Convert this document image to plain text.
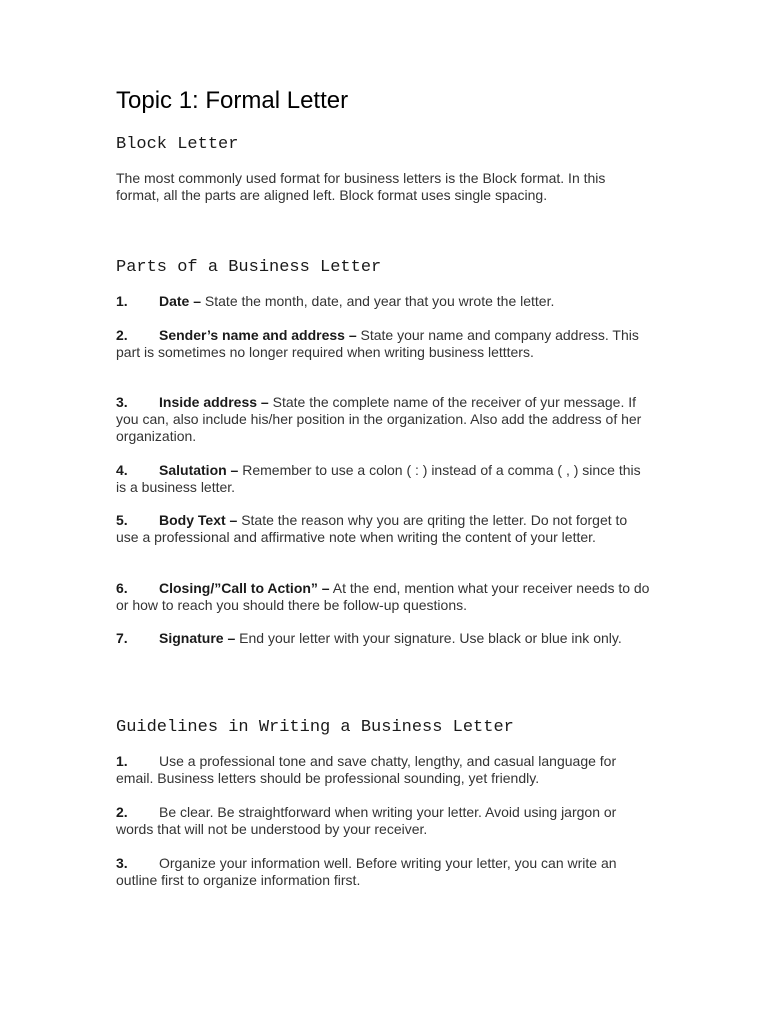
Topic 1: Formal Letter
Block Letter

The most commonly used format for business letters is the Block format. In this format, all the parts are aligned left. Block format uses single spacing.

Parts of a Business Letter

1. Date – State the month, date, and year that you wrote the letter.

2. Sender’s name and address – State your name and company address. This part is sometimes no longer required when writing business lettters.

3. Inside address – State the complete name of the receiver of yur message. If you can, also include his/her position in the organization. Also add the address of her organization.

4. Salutation – Remember to use a colon ( : ) instead of a comma ( , ) since this is a business letter.

5. Body Text – State the reason why you are qriting the letter. Do not forget to use a professional and affirmative note when writing the content of your letter.

6. Closing/”Call to Action” – At the end, mention what your receiver needs to do or how to reach you should there be follow-up questions.

7. Signature – End your letter with your signature. Use black or blue ink only.

Guidelines in Writing a Business Letter

1. Use a professional tone and save chatty, lengthy, and casual language for email. Business letters should be professional sounding, yet friendly.

2. Be clear. Be straightforward when writing your letter. Avoid using jargon or words that will not be understood by your receiver.

3. Organize your information well. Before writing your letter, you can write an outline first to organize information first.
